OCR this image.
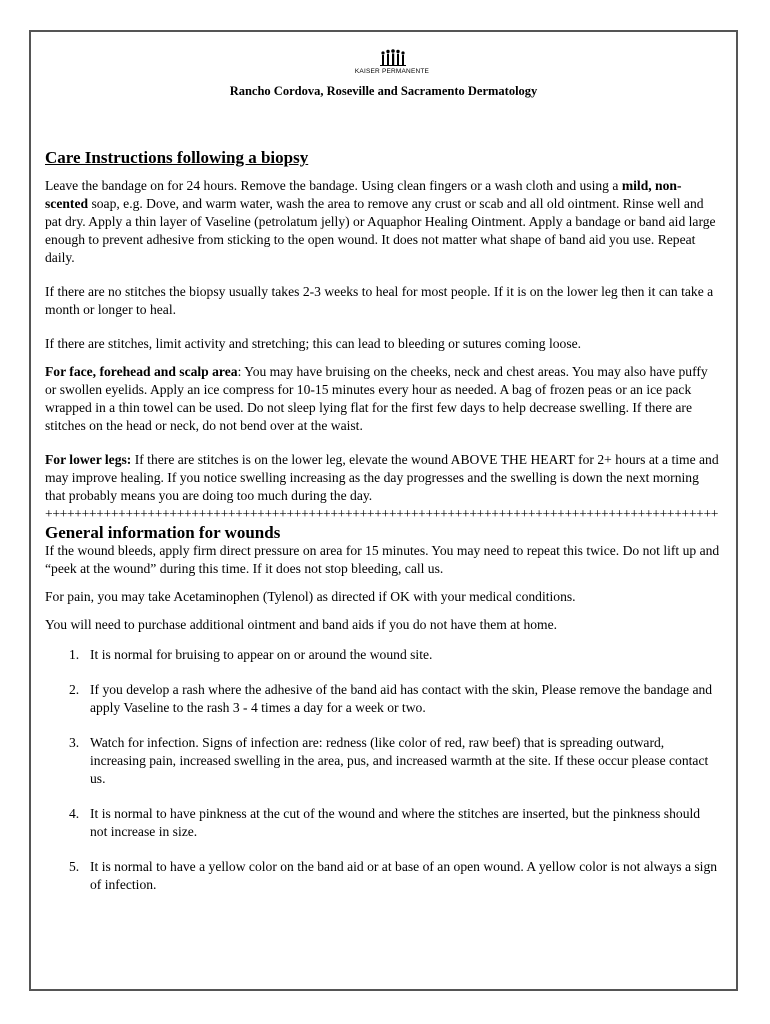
KAISER PERMANENTE
Rancho Cordova, Roseville and Sacramento Dermatology
Care Instructions following a biopsy

Leave the bandage on for 24 hours. Remove the bandage. Using clean fingers or a wash cloth and using a mild, non- scented soap, e.g. Dove, and warm water, wash the area to remove any crust or scab and all old ointment. Rinse well and pat dry. Apply a thin layer of Vaseline (petrolatum jelly) or Aquaphor Healing Ointment. Apply a bandage or band aid large enough to prevent adhesive from sticking to the open wound. It does not matter what shape of band aid you use. Repeat daily.

If there are no stitches the biopsy usually takes 2-3 weeks to heal for most people. If it is on the lower leg then it can take a month or longer to heal.

If there are stitches, limit activity and stretching; this can lead to bleeding or sutures coming loose.

For face, forehead and scalp area: You may have bruising on the cheeks, neck and chest areas. You may also have puffy or swollen eyelids. Apply an ice compress for 10-15 minutes every hour as needed. A bag of frozen peas or an ice pack wrapped in a thin towel can be used. Do not sleep lying flat for the first few days to help decrease swelling. If there are stitches on the head or neck, do not bend over at the waist.

For lower legs: If there are stitches is on the lower leg, elevate the wound ABOVE THE HEART for 2+ hours at a time and may improve healing. If you notice swelling increasing as the day progresses and the swelling is down the next morning that probably means you are doing too much during the day.

++++++++++++++++++++++++++++++++++++++++++++++++++++++++++++++++++++++++++++++++++++++++++++
General information for wounds

If the wound bleeds, apply firm direct pressure on area for 15 minutes. You may need to repeat this twice. Do not lift up and “peek at the wound” during this time. If it does not stop bleeding, call us.

For pain, you may take Acetaminophen (Tylenol) as directed if OK with your medical conditions.

You will need to purchase additional ointment and band aids if you do not have them at home.

1. It is normal for bruising to appear on or around the wound site.
2. If you develop a rash where the adhesive of the band aid has contact with the skin, Please remove the bandage and apply Vaseline to the rash 3 - 4 times a day for a week or two.
3. Watch for infection. Signs of infection are: redness (like color of red, raw beef) that is spreading outward, increasing pain, increased swelling in the area, pus, and increased warmth at the site. If these occur please contact us.
4. It is normal to have pinkness at the cut of the wound and where the stitches are inserted, but the pinkness should not increase in size.
5. It is normal to have a yellow color on the band aid or at base of an open wound. A yellow color is not always a sign of infection.
